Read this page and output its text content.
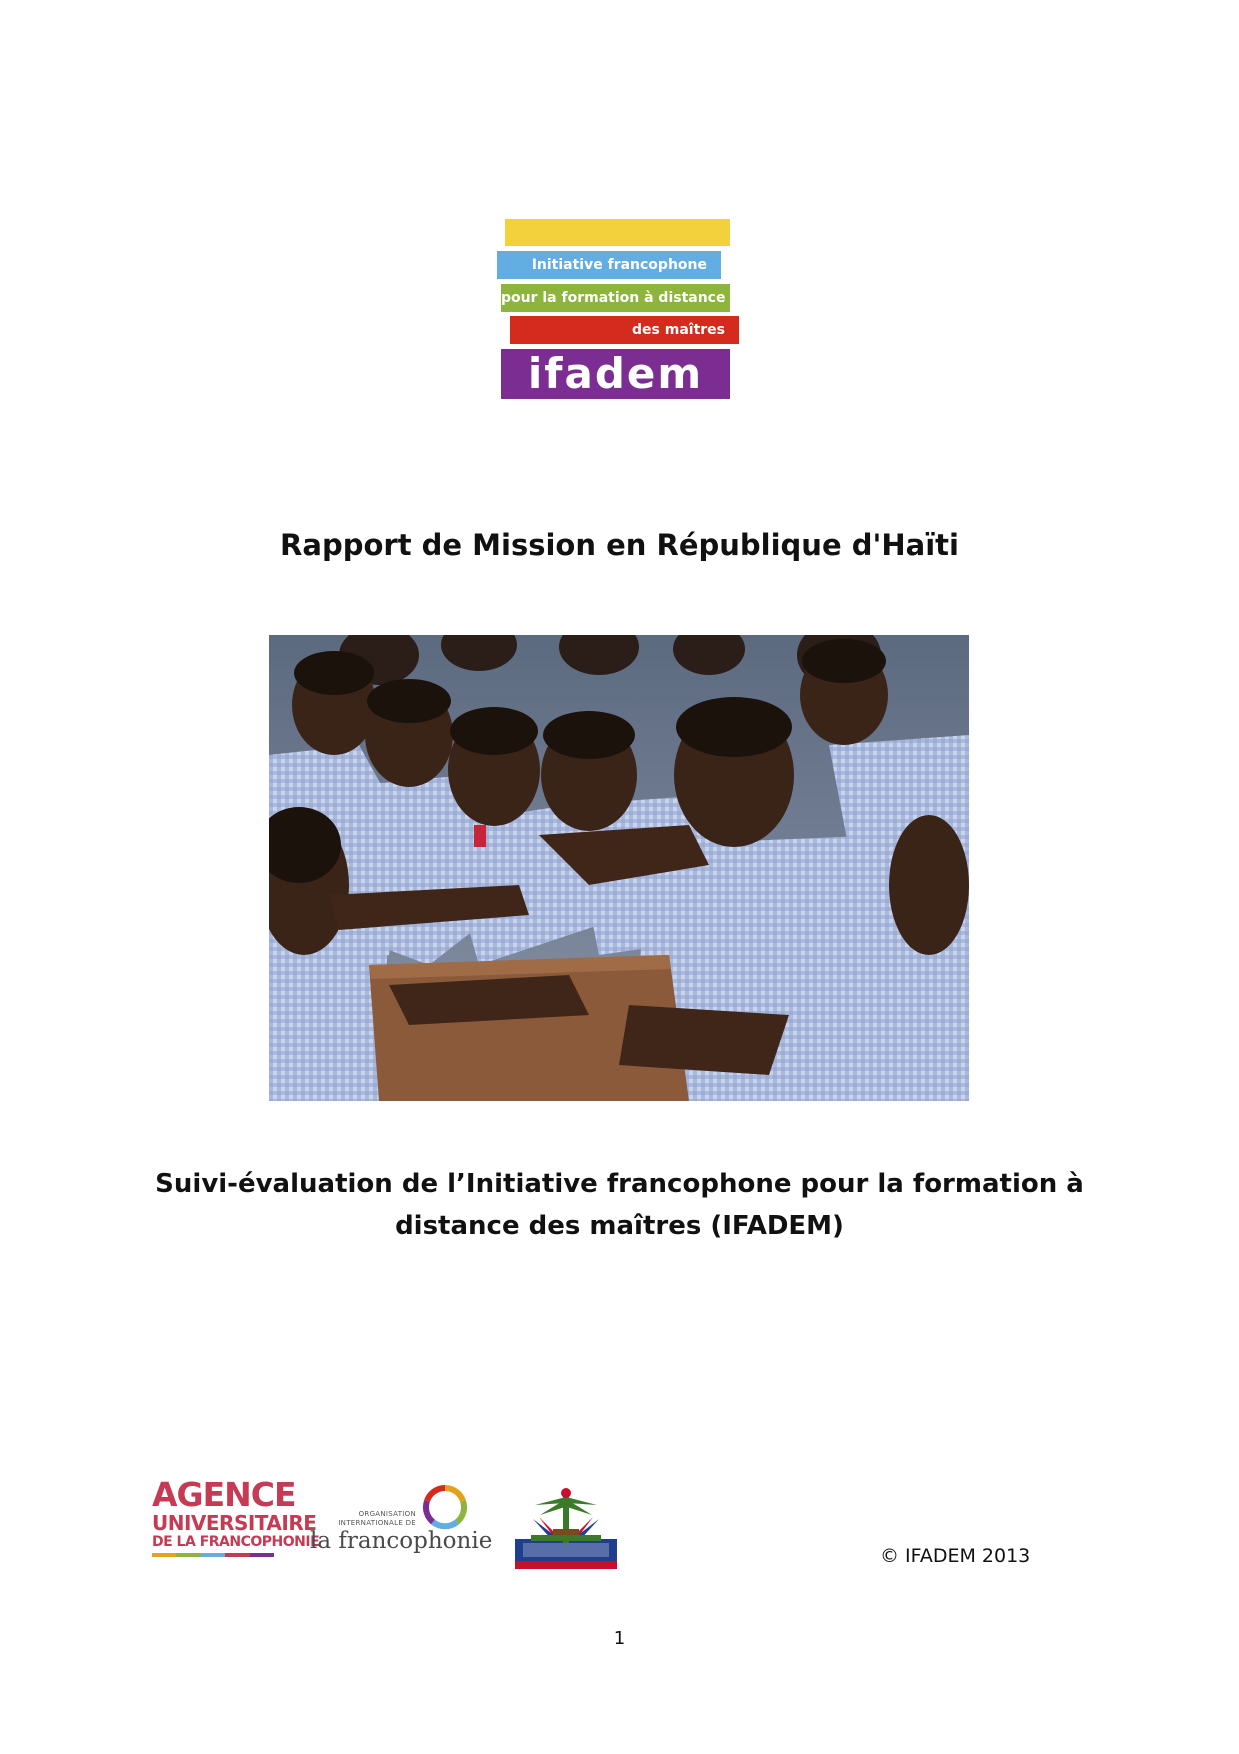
Initiative francophone
pour la formation à distance
des maîtres
ifadem
Rapport de Mission en République d'Haïti
Suivi-évaluation de l’Initiative francophone pour la formation à
distance des maîtres (IFADEM)
AGENCE
UNIVERSITAIRE
DE LA FRANCOPHONIE
ORGANISATION INTERNATIONALE DE
la francophonie
© IFADEM 2013
1
